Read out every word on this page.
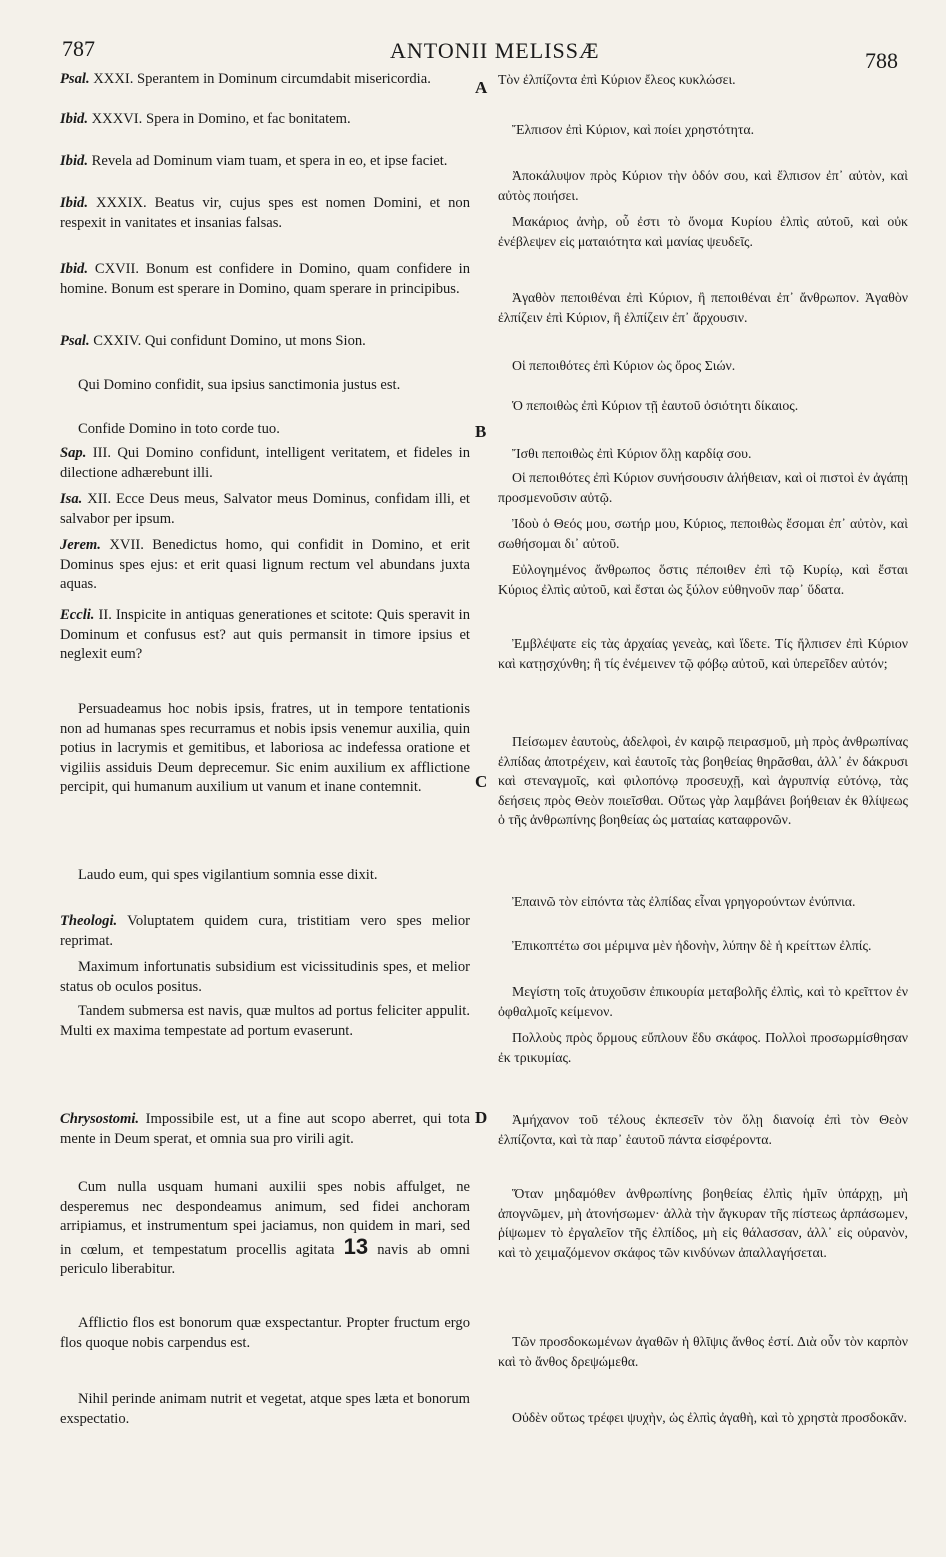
787	ANTONII MELISSÆ	788
A
B
C
D
Psal. XXXI. Sperantem in Dominum circumdabit misericordia.
Ibid. XXXVI. Spera in Domino, et fac bonitatem.
Ibid. Revela ad Dominum viam tuam, et spera in eo, et ipse faciet.
Ibid. XXXIX. Beatus vir, cujus spes est nomen Domini, et non respexit in vanitates et insanias falsas.
Ibid. CXVII. Bonum est confidere in Domino, quam confidere in homine. Bonum est sperare in Domino, quam sperare in principibus.
Psal. CXXIV. Qui confidunt Domino, ut mons Sion.
Qui Domino confidit, sua ipsius sanctimonia justus est.
Confide Domino in toto corde tuo.
Sap. III. Qui Domino confidunt, intelligent veritatem, et fideles in dilectione adhærebunt illi.
Isa. XII. Ecce Deus meus, Salvator meus Dominus, confidam illi, et salvabor per ipsum.
Jerem. XVII. Benedictus homo, qui confidit in Domino, et erit Dominus spes ejus: et erit quasi lignum rectum vel abundans juxta aquas.
Eccli. II. Inspicite in antiquas generationes et scitote: Quis speravit in Dominum et confusus est? aut quis permansit in timore ipsius et neglexit eum?
Persuadeamus hoc nobis ipsis, fratres, ut in tempore tentationis non ad humanas spes recurramus et nobis ipsis venemur auxilia, quin potius in lacrymis et gemitibus, et laboriosa ac indefessa oratione et vigiliis assiduis Deum deprecemur. Sic enim auxilium ex afflictione percipit, qui humanum auxilium ut vanum et inane contemnit.
Laudo eum, qui spes vigilantium somnia esse dixit.
Theologi. Voluptatem quidem cura, tristitiam vero spes melior reprimat.
Maximum infortunatis subsidium est vicissitudinis spes, et melior status ob oculos positus.
Tandem submersa est navis, quæ multos ad portus feliciter appulit. Multi ex maxima tempestate ad portum evaserunt.
Chrysostomi. Impossibile est, ut a fine aut scopo aberret, qui tota mente in Deum sperat, et omnia sua pro virili agit.
Cum nulla usquam humani auxilii spes nobis affulget, ne desperemus nec despondeamus animum, sed fidei anchoram arripiamus, et instrumentum spei jaciamus, non quidem in mari, sed in cœlum, et tempestatum procellis agitata 13 navis ab omni periculo liberabitur.
Afflictio flos est bonorum quæ exspectantur. Propter fructum ergo flos quoque nobis carpendus est.
Nihil perinde animam nutrit et vegetat, atque spes læta et bonorum exspectatio.
Τὸν ἐλπίζοντα ἐπὶ Κύριον ἔλεος κυκλώσει.
Ἔλπισον ἐπὶ Κύριον, καὶ ποίει χρηστότητα.
Ἀποκάλυψον πρὸς Κύριον τὴν ὁδόν σου, καὶ ἔλπισον ἐπ᾽ αὐτὸν, καὶ αὐτὸς ποιήσει.
Μακάριος ἀνὴρ, οὗ ἐστι τὸ ὄνομα Κυρίου ἐλπὶς αὐτοῦ, καὶ οὐκ ἐνέβλεψεν εἰς ματαιότητα καὶ μανίας ψευδεῖς.
Ἀγαθὸν πεποιθέναι ἐπὶ Κύριον, ἢ πεποιθέναι ἐπ᾽ ἄνθρωπον. Ἀγαθὸν ἐλπίζειν ἐπὶ Κύριον, ἢ ἐλπίζειν ἐπ᾽ ἄρχουσιν.
Οἱ πεποιθότες ἐπὶ Κύριον ὡς ὄρος Σιών.
Ὁ πεποιθὼς ἐπὶ Κύριον τῇ ἑαυτοῦ ὁσιότητι δίκαιος.
Ἴσθι πεποιθὼς ἐπὶ Κύριον ὅλῃ καρδίᾳ σου.
Οἱ πεποιθότες ἐπὶ Κύριον συνήσουσιν ἀλήθειαν, καὶ οἱ πιστοὶ ἐν ἀγάπῃ προσμενοῦσιν αὐτῷ.
Ἰδοὺ ὁ Θεός μου, σωτήρ μου, Κύριος, πεποιθὼς ἔσομαι ἐπ᾽ αὐτὸν, καὶ σωθήσομαι δι᾽ αὐτοῦ.
Εὐλογημένος ἄνθρωπος ὅστις πέποιθεν ἐπὶ τῷ Κυρίῳ, καὶ ἔσται Κύριος ἐλπὶς αὐτοῦ, καὶ ἔσται ὡς ξύλον εὐθηνοῦν παρ᾽ ὕδατα.
Ἐμβλέψατε εἰς τὰς ἀρχαίας γενεὰς, καὶ ἴδετε. Τίς ἤλπισεν ἐπὶ Κύριον καὶ κατῃσχύνθη; ἢ τίς ἐνέμεινεν τῷ φόβῳ αὐτοῦ, καὶ ὑπερεῖδεν αὐτόν;
Πείσωμεν ἑαυτοὺς, ἀδελφοὶ, ἐν καιρῷ πειρασμοῦ, μὴ πρὸς ἀνθρωπίνας ἐλπίδας ἀποτρέχειν, καὶ ἑαυτοῖς τὰς βοηθείας θηρᾶσθαι, ἀλλ᾽ ἐν δάκρυσι καὶ στεναγμοῖς, καὶ φιλοπόνῳ προσευχῇ, καὶ ἀγρυπνίᾳ εὐτόνῳ, τὰς δεήσεις πρὸς Θεὸν ποιεῖσθαι. Οὕτως γὰρ λαμβάνει βοήθειαν ἐκ θλίψεως ὁ τῆς ἀνθρωπίνης βοηθείας ὡς ματαίας καταφρονῶν.
Ἐπαινῶ τὸν εἰπόντα τὰς ἐλπίδας εἶναι γρηγορούντων ἐνύπνια.
Ἐπικοπτέτω σοι μέριμνα μὲν ἡδονὴν, λύπην δὲ ἡ κρείττων ἐλπίς.
Μεγίστη τοῖς ἀτυχοῦσιν ἐπικουρία μεταβολῆς ἐλπὶς, καὶ τὸ κρεῖττον ἐν ὀφθαλμοῖς κείμενον.
Πολλοὺς πρὸς ὅρμους εὔπλουν ἔδυ σκάφος. Πολλοὶ προσωρμίσθησαν ἐκ τρικυμίας.
Ἀμήχανον τοῦ τέλους ἐκπεσεῖν τὸν ὅλῃ διανοίᾳ ἐπὶ τὸν Θεὸν ἐλπίζοντα, καὶ τὰ παρ᾽ ἑαυτοῦ πάντα εἰσφέροντα.
Ὅταν μηδαμόθεν ἀνθρωπίνης βοηθείας ἐλπὶς ἡμῖν ὑπάρχῃ, μὴ ἀπογνῶμεν, μὴ ἀτονήσωμεν· ἀλλὰ τὴν ἄγκυραν τῆς πίστεως ἁρπάσωμεν, ῥίψωμεν τὸ ἐργαλεῖον τῆς ἐλπίδος, μὴ εἰς θάλασσαν, ἀλλ᾽ εἰς οὐρανὸν, καὶ τὸ χειμαζόμενον σκάφος τῶν κινδύνων ἀπαλλαγήσεται.
Τῶν προσδοκωμένων ἀγαθῶν ἡ θλῖψις ἄνθος ἐστί. Διὰ οὖν τὸν καρπὸν καὶ τὸ ἄνθος δρεψώμεθα.
Οὐδὲν οὕτως τρέφει ψυχὴν, ὡς ἐλπὶς ἀγαθὴ, καὶ τὸ χρηστὰ προσδοκᾶν.
